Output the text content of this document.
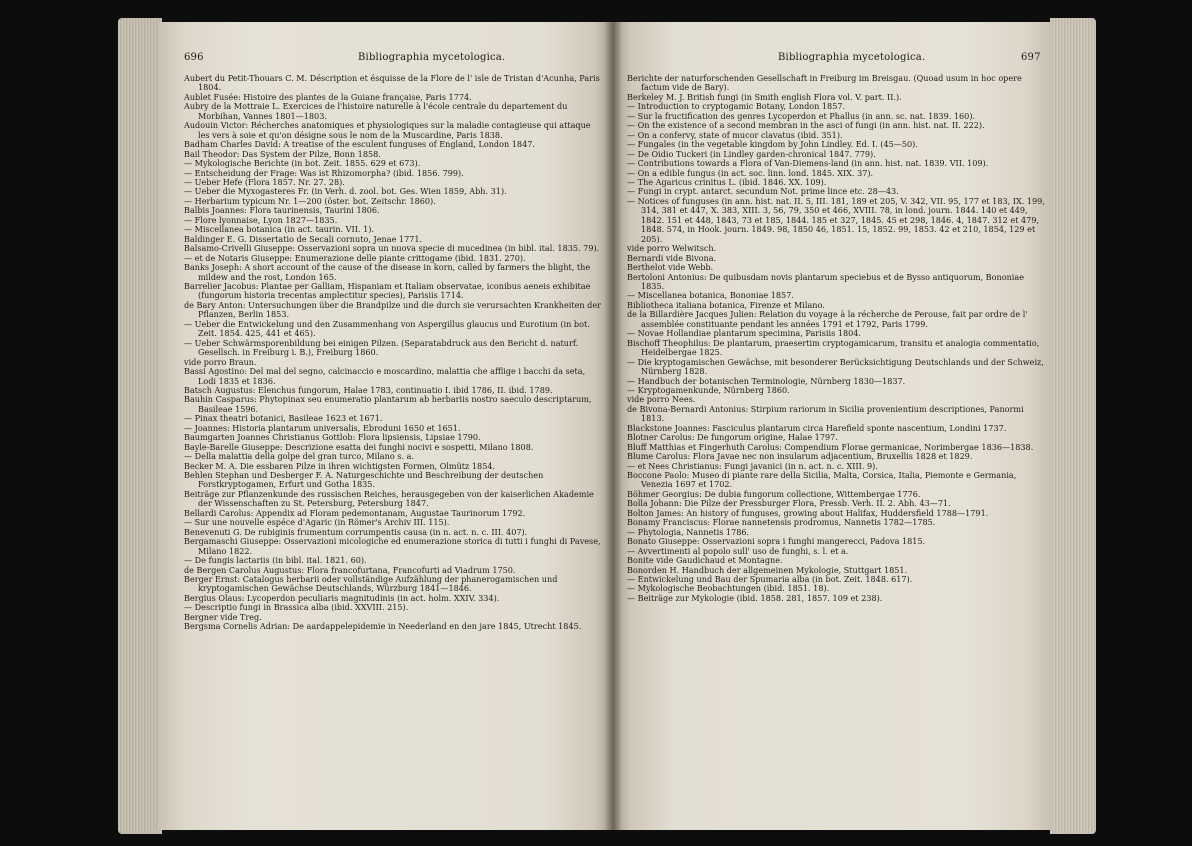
696	Bibliographia mycetologica.

Aubert du Petit-Thouars C. M. Déscription et ésquisse de la Flore de l' isle de Tristan d'Acunha, Paris 1804.

Aublet Fusée: Histoire des plantes de la Guiane française, Paris 1774.

Aubry de la Mottraie L. Exercices de l'histoire naturelle à l'école centrale du departement du Morbihan, Vannes 1801—1803.

Audouin Victor: Récherches anatomiques et physiologiques sur la maladie contagieuse qui attaque les vers à soie et qu'on désigne sous le nom de la Muscardine, Paris 1838.

Badham Charles David: A treatise of the esculent funguses of England, London 1847.

Bail Theodor: Das System der Pilze, Bonn 1858.

— Mykologische Berichte (in bot. Zeit. 1855. 629 et 673).

— Entscheidung der Frage: Was ist Rhizomorpha? (ibid. 1856. 799).

— Ueber Hefe (Flora 1857. Nr. 27. 28).

— Ueber die Myxogasteres Fr. (in Verh. d. zool. bot. Ges. Wien 1859, Abh. 31).

— Herbarium typicum Nr. 1—200 (öster. bot. Zeitschr. 1860).

Balbis Joannes: Flora taurinensis, Taurini 1806.

— Flore lyonnaise, Lyon 1827—1835.

— Miscellanea botanica (in act. taurin. VII. 1).

Baldinger E. G. Dissertatio de Secali cornuto, Jenae 1771.

Balsamo-Crivelli Giuseppe: Osservazioni sopra un nuova specie di mucedinea (in bibl. ital. 1835. 79).

— et de Notaris Giuseppe: Enumerazione delle piante crittogame (ibid. 1831. 270).

Banks Joseph: A short account of the cause of the disease in korn, called by farmers the blight, the mildew and the rost, London 165.

Barrelier Jacobus: Plantae per Galliam, Hispaniam et Italiam observatae, iconibus aeneis exhibitae (fungorum historia trecentas amplectitur species), Parisiis 1714.

de Bary Anton: Untersuchungen über die Brandpilze und die durch sie verursachten Krankheiten der Pflanzen, Berlin 1853.

— Ueber die Entwickelung und den Zusammenhang von Aspergillus glaucus und Eurotium (in bot. Zeit. 1854. 425, 441 et 465).

— Ueber Schwärmsporenbildung bei einigen Pilzen. (Separatabdruck aus den Bericht d. naturf. Gesellsch. in Freiburg i. B.), Freiburg 1860.

vide porro Braun.

Bassi Agostino: Del mal del segno, calcinaccio e moscardino, malattia che afflige i bacchi da seta, Lodi 1835 et 1836.

Batsch Augustus: Elenchus fungorum, Halae 1783, continuatio I. ibid 1786, II. ibid. 1789.

Bauhin Casparus: Phytopinax seu enumeratio plantarum ab herbariis nostro saeculo descriptarum, Basileae 1596.

— Pinax theatri botanici, Basileae 1623 et 1671.

— Joannes: Historia plantarum universalis, Ebroduni 1650 et 1651.

Baumgarten Joannes Christianus Gottlob: Flora lipsiensis, Lipsiae 1790.

Bayle-Barelle Giuseppe: Descrizione esatta dei funghi nocivi e sospetti, Milano 1808.

— Della malattia della golpe del gran turco, Milano s. a.

Becker M. A. Die essbaren Pilze in ihren wichtigsten Formen, Olmütz 1854.

Behlen Stephan und Desberger F. A. Naturgeschichte und Beschreibung der deutschen Forstkryptogamen, Erfurt und Gotha 1835.

Beiträge zur Pflanzenkunde des russischen Reiches, herausgegeben von der kaiserlichen Akademie der Wissenschaften zu St. Petersburg, Petersburg 1847.

Bellardi Carolus: Appendix ad Floram pedemontanam, Augustae Taurinorum 1792.

— Sur une nouvelle espéce d'Agaric (in Römer's Archiv III. 115).

Benevenuti G. De rubiginis frumentum corrumpentis causa (in n. act. n. c. III. 407).

Bergamaschi Giuseppe: Osservazioni micologiche ed enumerazione storica di tutti i funghi di Pavese, Milano 1822.

— De fungis lactariis (in bibl. ital. 1821. 60).

de Bergen Carolus Augustus: Flora francofurtana, Francofurti ad Viadrum 1750.

Berger Ernst: Catalogus herbarii oder vollständige Aufzählung der phanerogamischen und kryptogamischen Gewächse Deutschlands, Würzburg 1841—1846.

Bergius Olaus: Lycoperdon peculiaris magnitudinis (in act. holm. XXIV. 334).

— Descriptio fungi in Brassica alba (ibid. XXVIII. 215).

Bergner vide Treg.

Bergsma Cornelis Adrian: De aardappelepidemie in Neederland en den jare 1845, Utrecht 1845.

Bibliographia mycetologica.	697

Berichte der naturforschenden Gesellschaft in Freiburg im Breisgau. (Quoad usum in hoc opere factum vide de Bary).

Berkeley M. J. British fungi (in Smith english Flora vol. V. part. II.).

— Introduction to cryptogamic Botany, London 1857.

— Sur la fructification des genres Lycoperdon et Phallus (in ann. sc. nat. 1839. 160).

— On the existence of a second membran in the asci of fungi (in ann. hist. nat. II. 222).

— On a confervy, state of mucor clavatus (ibid. 351).

— Fungales (in the vegetable kingdom by John Lindley. Ed. I. (45—50).

— De Oidio Tuckeri (in Lindley garden-chronical 1847. 779).

— Contributions towards a Flora of Van-Diemens-land (in ann. hist. nat. 1839. VII. 109).

— On a edible fungus (in act. soc. linn. lond. 1845. XIX. 37).

— The Agaricus crinitus L. (ibid. 1846. XX. 109).

— Fungi in crypt. antarct. secundum Not. prime lince etc. 28—43.

— Notices of funguses (in ann. hist. nat. II. 5, III. 181, 189 et 205, V. 342, VII. 95, 177 et 183, IX. 199, 314, 381 et 447, X. 383, XIII. 3, 56, 79, 350 et 466, XVIII. 78, in lond. journ. 1844. 140 et 449, 1842. 151 et 448, 1843, 73 et 185, 1844. 185 et 327, 1845. 45 et 298, 1846. 4, 1847. 312 et 479, 1848. 574, in Hook. journ. 1849. 98, 1850 46, 1851. 15, 1852. 99, 1853. 42 et 210, 1854, 129 et 205).

vide porro Welwitsch.

Bernardi vide Bivona.

Berthelot vide Webb.

Bertoloni Antonius: De quibusdam novis plantarum speciebus et de Bysso antiquorum, Bononiae 1835.

— Miscellanea botanica, Bononiae 1857.

Bibliotheca italiana botanica, Firenze et Milano.

de la Billardière Jacques Julien: Relation du voyage à la récherche de Perouse, fait par ordre de l' assemblée constituante pendant les années 1791 et 1792, Paris 1799.

— Novae Hollandiae plantarum specimina, Parisiis 1804.

Bischoff Theophilus: De plantarum, praesertim cryptogamicarum, transitu et analogia commentatio, Heidelbergae 1825.

— Die kryptogamischen Gewächse, mit besonderer Berücksichtigung Deutschlands und der Schweiz, Nürnberg 1828.

— Handbuch der botanischen Terminologie, Nürnberg 1830—1837.

— Kryptogamenkunde, Nürnberg 1860.

vide porro Nees.

de Bivona-Bernardi Antonius: Stirpium rariorum in Sicilia provenientium descriptiones, Panormi 1813.

Blackstone Joannes: Fasciculus plantarum circa Harefield sponte nascentium, Londini 1737.

Blotner Carolus: De fungorum origine, Halae 1797.

Bluff Matthias et Fingerhuth Carolus: Compendium Florae germanicae, Norimbergae 1836—1838.

Blume Carolus: Flora Javae nec non insularum adjacentium, Bruxellis 1828 et 1829.

— et Nees Christianus: Fungi javanici (in n. act. n. c. XIII. 9).

Boccone Paolo: Museo di piante rare della Sicilia, Malta, Corsica, Italia, Piemonte e Germania, Venezia 1697 et 1702.

Böhmer Georgius: De dubia fungorum collectione, Wittembergae 1776.

Bolla Johann: Die Pilze der Pressburger Flora, Pressb. Verh. II. 2. Abh. 43—71.

Bolton James: An history of funguses, growing about Halifax, Huddersfield 1788—1791.

Bonamy Franciscus: Florae nannetensis prodromus, Nannetis 1782—1785.

— Phytologia, Nannetis 1786.

Bonato Giuseppe: Osservazioni sopra i funghi mangerecci, Padova 1815.

— Avvertimenti al popolo sull' uso de funghi, s. l. et a.

Bonite vide Gaudichaud et Montagne.

Bonorden H. Handbuch der allgemeinen Mykologie, Stuttgart 1851.

— Entwickelung und Bau der Spumaria alba (in bot. Zeit. 1848. 617).

— Mykologische Beobachtungen (ibid. 1851. 18).

— Beiträge zur Mykologie (ibid. 1858. 281, 1857. 109 et 238).
